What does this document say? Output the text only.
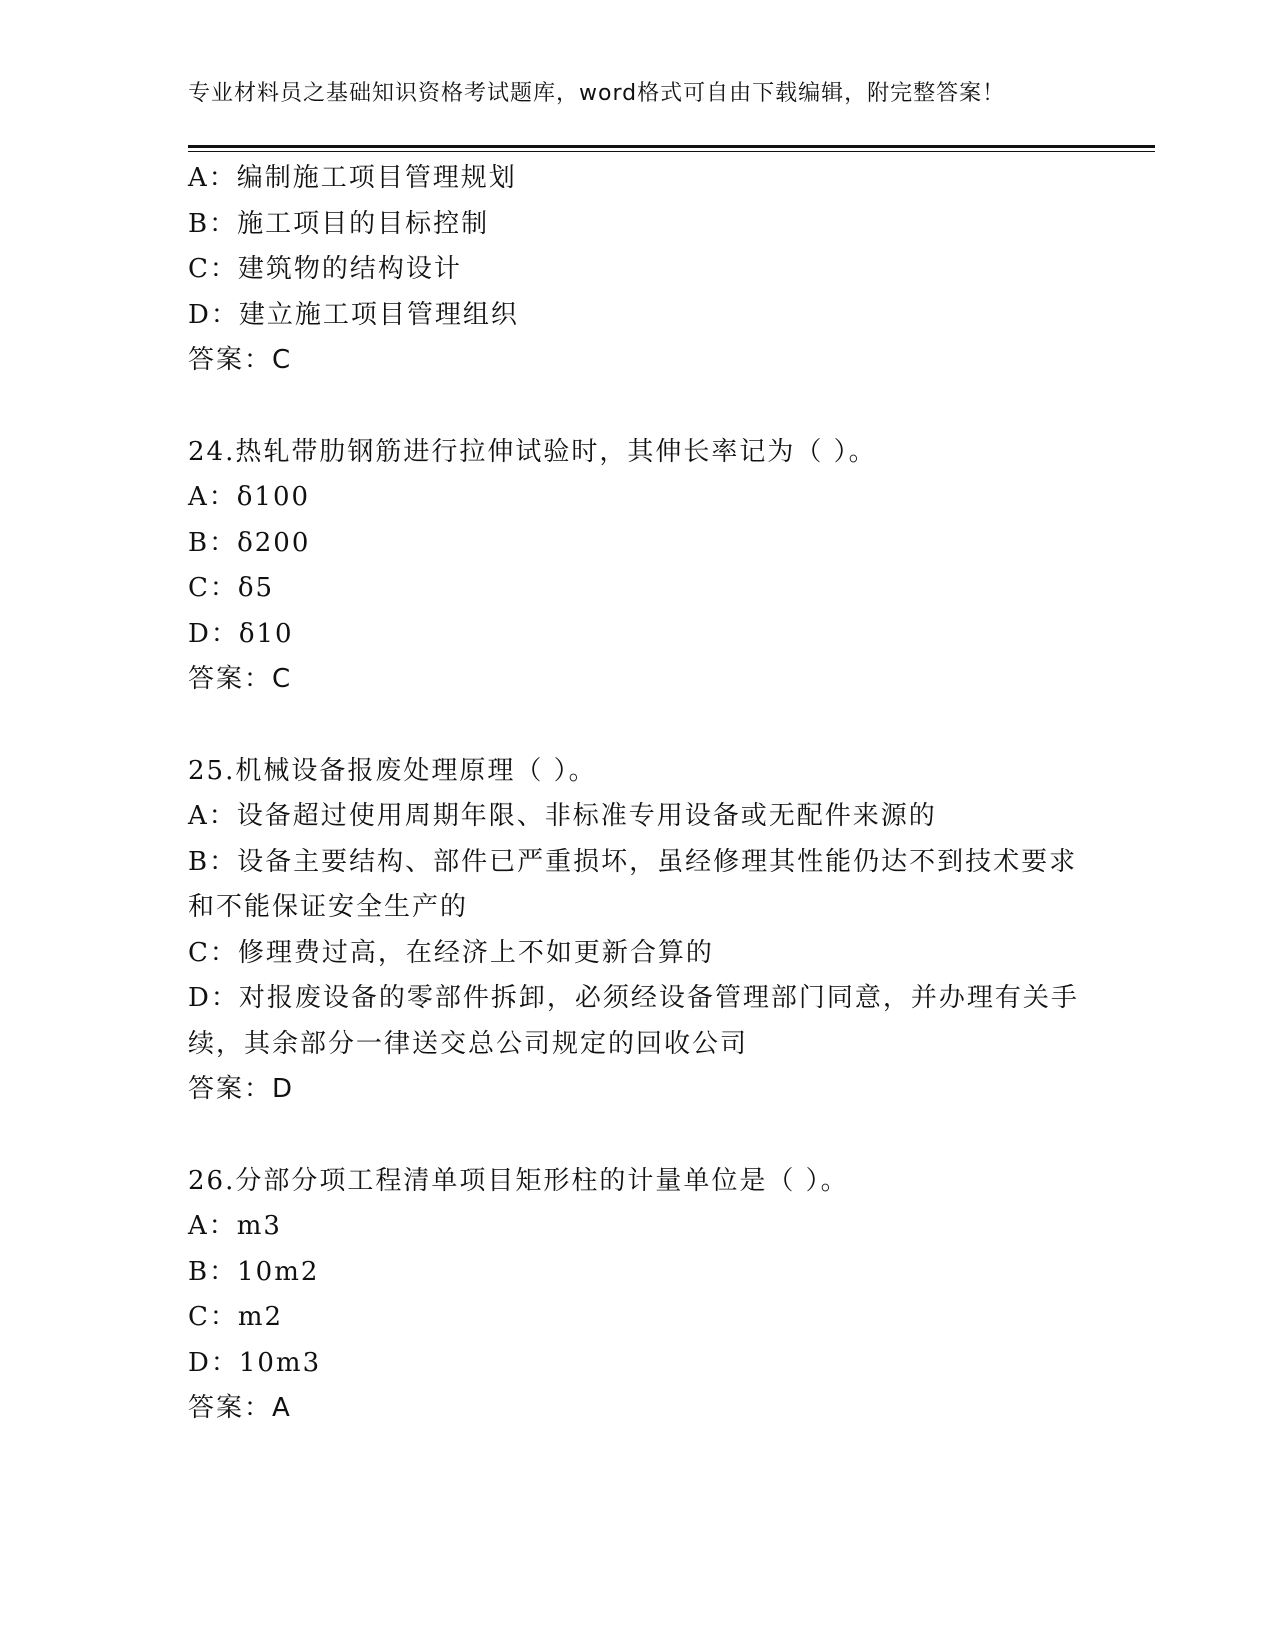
专业材料员之基础知识资格考试题库，word格式可自由下载编辑，附完整答案！
A：编制施工项目管理规划
B：施工项目的目标控制
C：建筑物的结构设计
D：建立施工项目管理组织
答案：C
24.热轧带肋钢筋进行拉伸试验时，其伸长率记为（ ）。
A：δ100
B：δ200
C：δ5
D：δ10
答案：C
25.机械设备报废处理原理（ ）。
A：设备超过使用周期年限、非标准专用设备或无配件来源的
B：设备主要结构、部件已严重损坏，虽经修理其性能仍达不到技术要求和不能保证安全生产的
C：修理费过高，在经济上不如更新合算的
D：对报废设备的零部件拆卸，必须经设备管理部门同意，并办理有关手续，其余部分一律送交总公司规定的回收公司
答案：D
26.分部分项工程清单项目矩形柱的计量单位是（ ）。
A：m3
B：10m2
C：m2
D：10m3
答案：A
